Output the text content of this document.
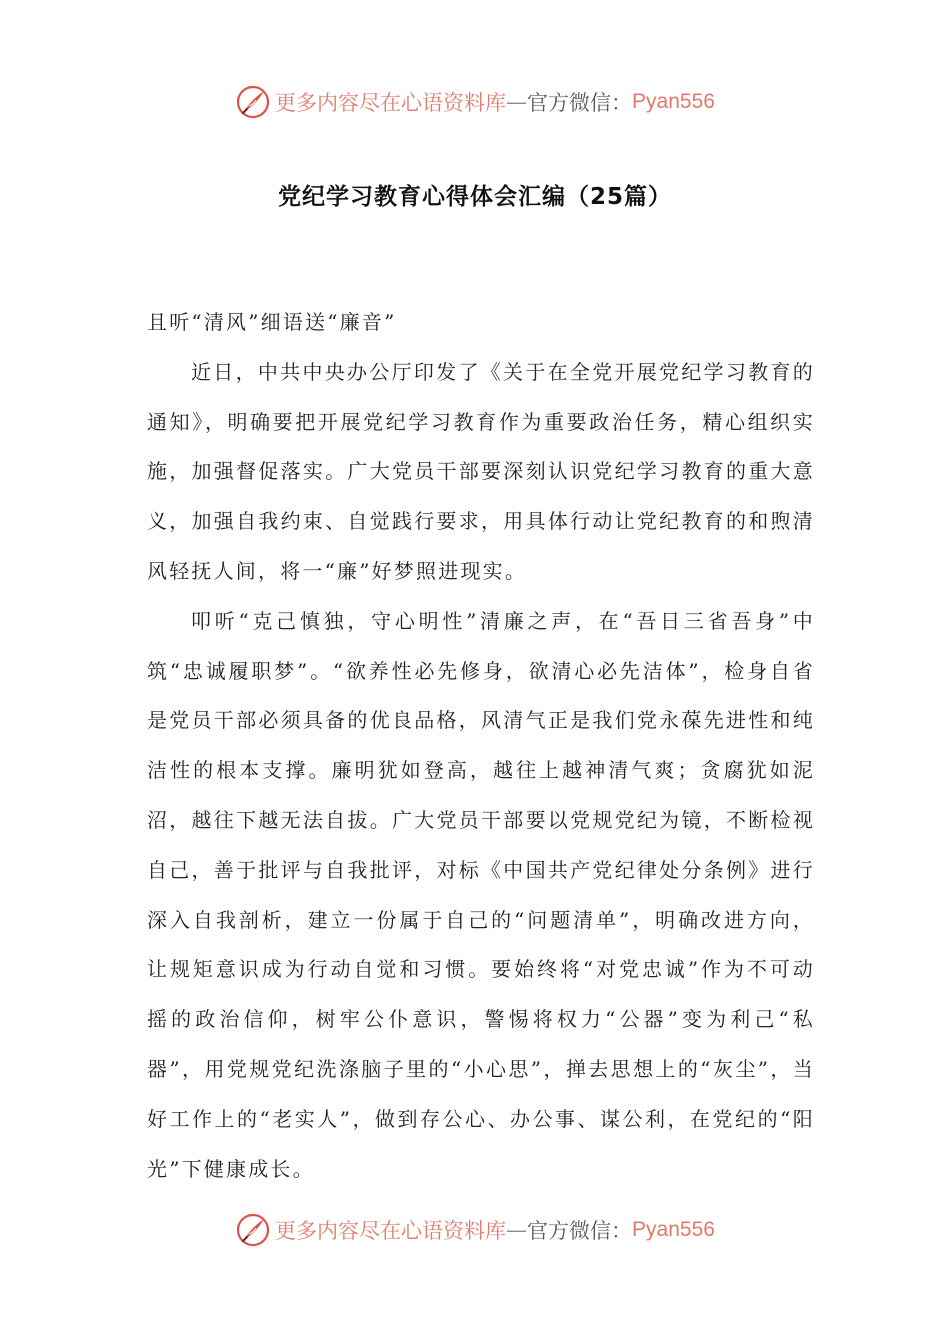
更多内容尽在心语资料库 — 官方微信： Pyan556
党纪学习教育心得体会汇编（25篇）

且听“清风”细语送“廉音”

近日，中共中央办公厅印发了《关于在全党开展党纪学习教育的通知》，明确要把开展党纪学习教育作为重要政治任务，精心组织实施，加强督促落实。广大党员干部要深刻认识党纪学习教育的重大意义，加强自我约束、自觉践行要求，用具体行动让党纪教育的和煦清风轻抚人间，将一“廉”好梦照进现实。

叩听“克己慎独，守心明性”清廉之声，在“吾日三省吾身”中筑“忠诚履职梦”。“欲养性必先修身，欲清心必先洁体”，检身自省是党员干部必须具备的优良品格，风清气正是我们党永葆先进性和纯洁性的根本支撑。廉明犹如登高，越往上越神清气爽；贪腐犹如泥沼，越往下越无法自拔。广大党员干部要以党规党纪为镜，不断检视自己，善于批评与自我批评，对标《中国共产党纪律处分条例》进行深入自我剖析，建立一份属于自己的“问题清单”，明确改进方向，让规矩意识成为行动自觉和习惯。要始终将“对党忠诚”作为不可动摇的政治信仰，树牢公仆意识，警惕将权力“公器”变为利己“私器”，用党规党纪洗涤脑子里的“小心思”，掸去思想上的“灰尘”，当好工作上的“老实人”，做到存公心、办公事、谋公利，在党纪的“阳光”下健康成长。

更多内容尽在心语资料库 — 官方微信： Pyan556
